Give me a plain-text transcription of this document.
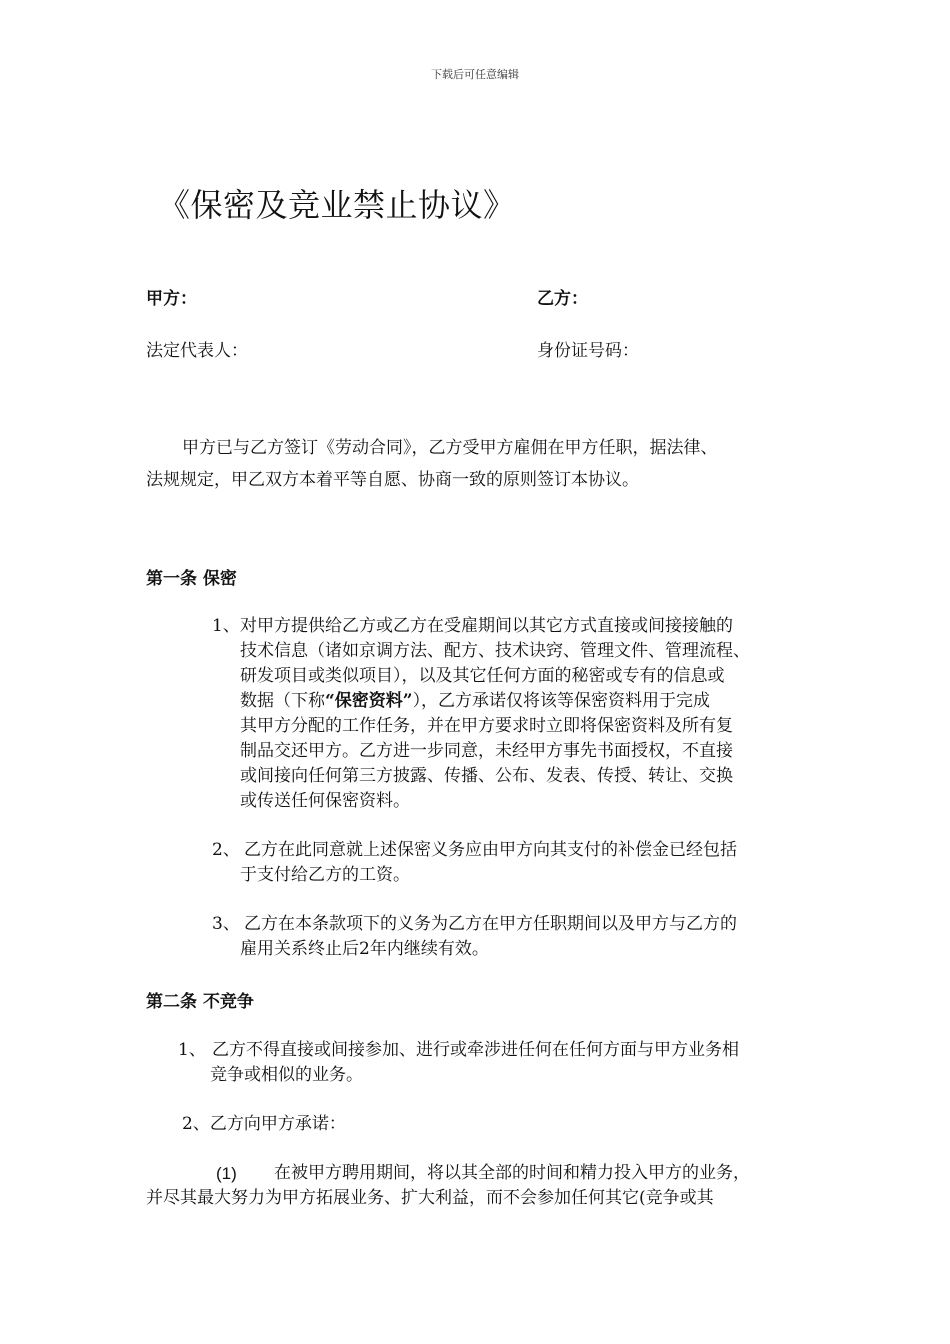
下载后可任意编辑
《保密及竞业禁止协议》
甲方：	乙方：
法定代表人：	身份证号码：
甲方已与乙方签订《劳动合同》，乙方受甲方雇佣在甲方任职，据法律、
法规规定，甲乙双方本着平等自愿、协商一致的原则签订本协议。
第一条 保密
1、 对甲方提供给乙方或乙方在受雇期间以其它方式直接或间接接触的
技术信息（诸如京调方法、配方、技术诀窍、管理文件、管理流程、
研发项目或类似项目），以及其它任何方面的秘密或专有的信息或
数据（下称“保密资料”），乙方承诺仅将该等保密资料用于完成
其甲方分配的工作任务，并在甲方要求时立即将保密资料及所有复
制品交还甲方。乙方进一步同意，未经甲方事先书面授权，不直接
或间接向任何第三方披露、传播、公布、发表、传授、转让、交换
或传送任何保密资料。
2、 乙方在此同意就上述保密义务应由甲方向其支付的补偿金已经包括
于支付给乙方的工资。
3、 乙方在本条款项下的义务为乙方在甲方任职期间以及甲方与乙方的
雇用关系终止后2年内继续有效。
第二条 不竞争
1、 乙方不得直接或间接参加、进行或牵涉进任何在任何方面与甲方业务相
竞争或相似的业务。
2、乙方向甲方承诺：
(1) 在被甲方聘用期间，将以其全部的时间和精力投入甲方的业务，
并尽其最大努力为甲方拓展业务、扩大利益，而不会参加任何其它(竞争或其
